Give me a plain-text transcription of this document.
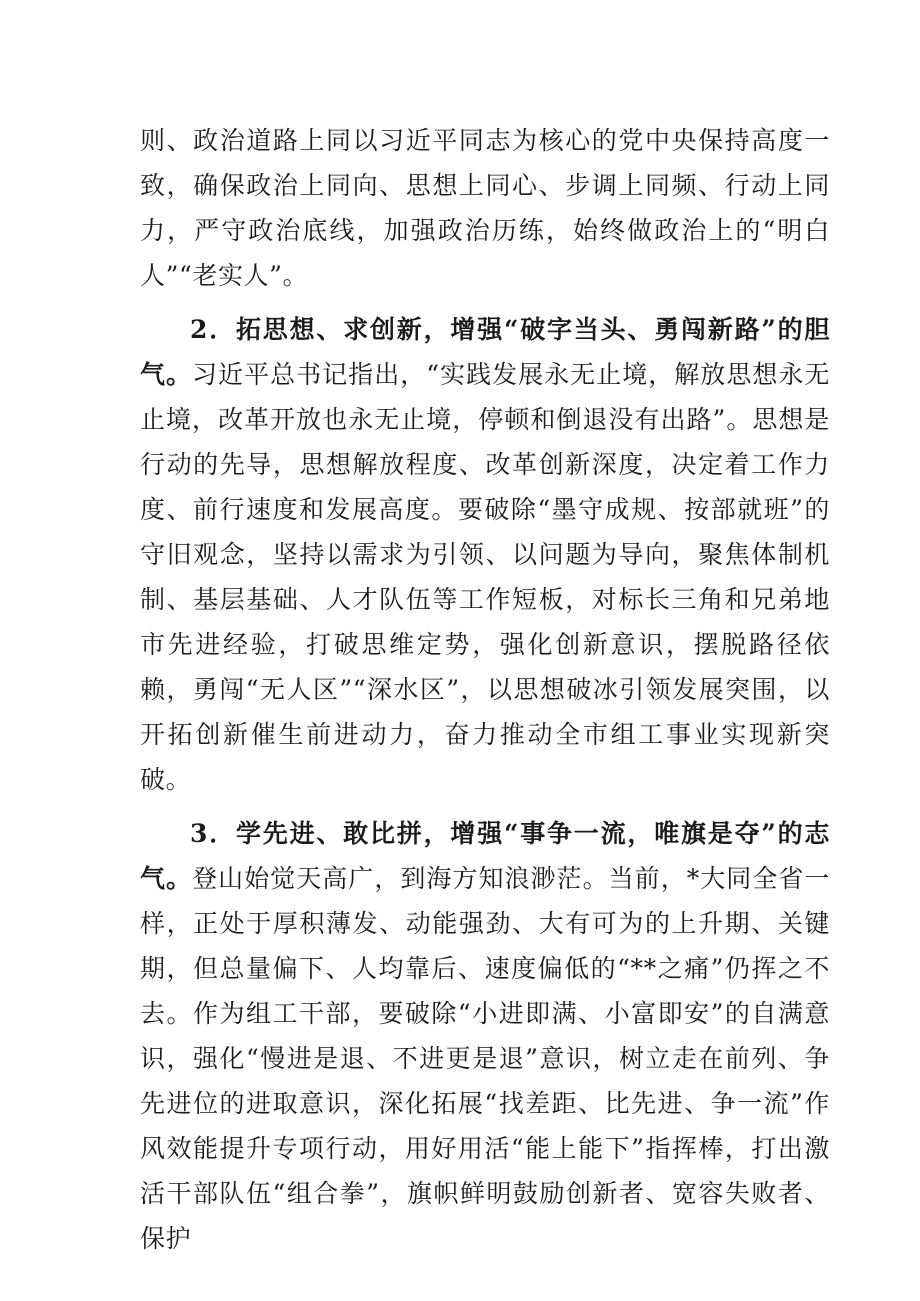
则、政治道路上同以习近平同志为核心的党中央保持高度一致，确保政治上同向、思想上同心、步调上同频、行动上同力，严守政治底线，加强政治历练，始终做政治上的“明白人”“老实人”。

2．拓思想、求创新，增强“破字当头、勇闯新路”的胆气。习近平总书记指出，“实践发展永无止境，解放思想永无止境，改革开放也永无止境，停顿和倒退没有出路”。思想是行动的先导，思想解放程度、改革创新深度，决定着工作力度、前行速度和发展高度。要破除“墨守成规、按部就班”的守旧观念，坚持以需求为引领、以问题为导向，聚焦体制机制、基层基础、人才队伍等工作短板，对标长三角和兄弟地市先进经验，打破思维定势，强化创新意识，摆脱路径依赖，勇闯“无人区”“深水区”，以思想破冰引领发展突围，以开拓创新催生前进动力，奋力推动全市组工事业实现新突破。

3．学先进、敢比拼，增强“事争一流，唯旗是夺”的志气。登山始觉天高广，到海方知浪渺茫。当前，*大同全省一样，正处于厚积薄发、动能强劲、大有可为的上升期、关键期，但总量偏下、人均靠后、速度偏低的“**之痛”仍挥之不去。作为组工干部，要破除“小进即满、小富即安”的自满意识，强化“慢进是退、不进更是退”意识，树立走在前列、争先进位的进取意识，深化拓展“找差距、比先进、争一流”作风效能提升专项行动，用好用活“能上能下”指挥棒，打出激活干部队伍“组合拳”，旗帜鲜明鼓励创新者、宽容失败者、保护
